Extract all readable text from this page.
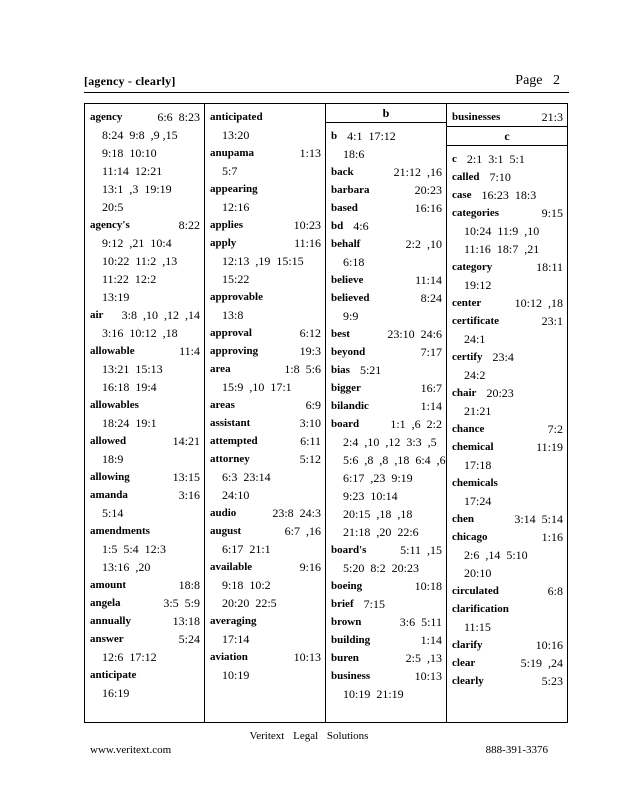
[agency - clearly]	Page 2
agency	6:6  8:23
8:24  9:8  ,9 ,15
9:18  10:10
11:14  12:21
13:1  ,3  19:19
20:5
agency's	8:22
9:12  ,21  10:4
10:22  11:2  ,13
11:22  12:2
13:19
air 3:8  ,10  ,12  ,14
3:16  10:12  ,18
allowable	11:4
13:21  15:13
16:18  19:4
allowables
18:24  19:1
allowed	14:21
18:9
allowing	13:15
amanda	3:16
5:14
amendments
1:5  5:4  12:3
13:16  ,20
amount	18:8
angela	3:5  5:9
annually	13:18
answer	5:24
12:6  17:12
anticipate
16:19
anticipated
13:20
anupama	1:13
5:7
appearing
12:16
applies	10:23
apply	11:16
12:13  ,19  15:15
15:22
approvable
13:8
approval	6:12
approving	19:3
area	1:8  5:6
15:9  ,10  17:1
areas	6:9
assistant	3:10
attempted	6:11
attorney	5:12
6:3  23:14
24:10
audio	23:8  24:3
august	6:7  ,16
6:17  21:1
available	9:16
9:18  10:2
20:20  22:5
averaging
17:14
aviation	10:13
10:19
b
b 4:1  17:12
18:6
back	21:12  ,16
barbara	20:23
based	16:16
bd 4:6
behalf	2:2  ,10
6:18
believe	11:14
believed	8:24
9:9
best	23:10  24:6
beyond	7:17
bias 5:21
bigger	16:7
bilandic	1:14
board	1:1  ,6  2:2
2:4  ,10  ,12  3:3  ,5
5:6  ,8  ,8  ,18  6:4  ,6
6:17  ,23  9:19
9:23  10:14
20:15  ,18  ,18
21:18  ,20  22:6
board's	5:11  ,15
5:20  8:2  20:23
boeing	10:18
brief 7:15
brown	3:6  5:11
building	1:14
buren	2:5  ,13
business	10:13
10:19  21:19
businesses	21:3
c
c 2:1  3:1  5:1
called 7:10
case 16:23  18:3
categories	9:15
10:24  11:9  ,10
11:16  18:7  ,21
category	18:11
19:12
center	10:12  ,18
certificate	23:1
24:1
certify 23:4
24:2
chair 20:23
21:21
chance	7:2
chemical	11:19
17:18
chemicals
17:24
chen	3:14  5:14
chicago	1:16
2:6  ,14  5:10
20:10
circulated	6:8
clarification
11:15
clarify	10:16
clear	5:19  ,24
clearly	5:23
Veritext Legal Solutions
www.veritext.com	888-391-3376
